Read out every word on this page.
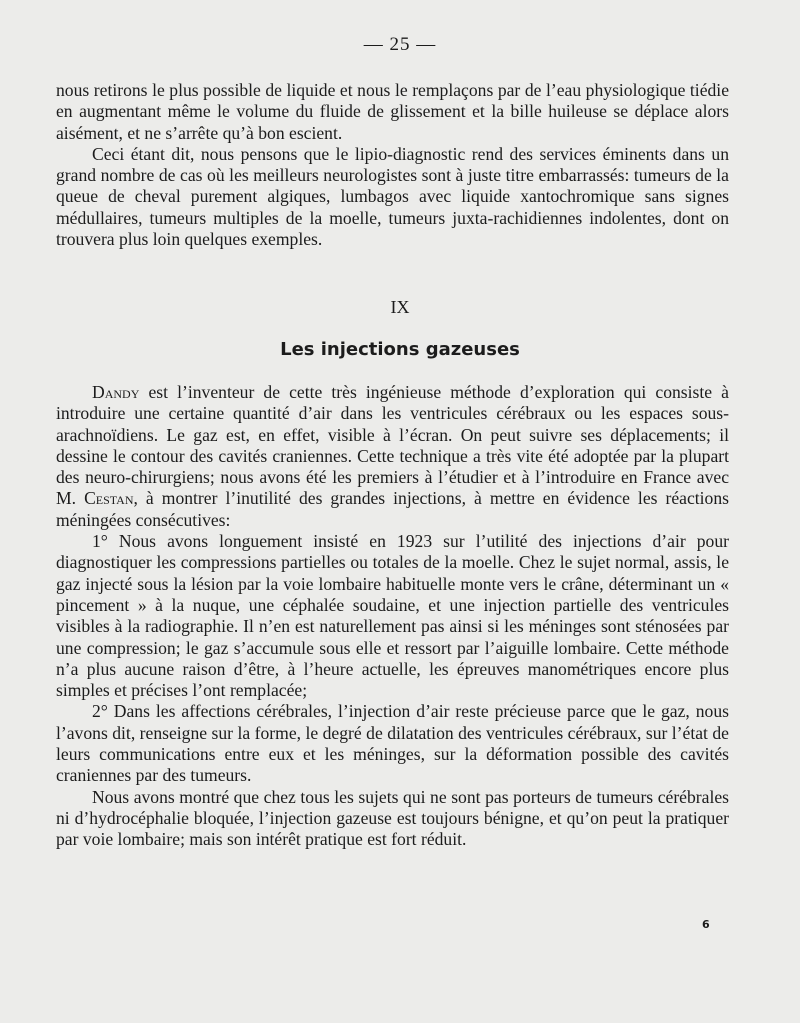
— 25 —

nous retirons le plus possible de liquide et nous le remplaçons par de l’eau physiologique tiédie en augmentant même le volume du fluide de glissement et la bille huileuse se déplace alors aisément, et ne s’arrête qu’à bon escient.

Ceci étant dit, nous pensons que le lipio-diagnostic rend des services éminents dans un grand nombre de cas où les meilleurs neurologistes sont à juste titre embarrassés: tumeurs de la queue de cheval purement algiques, lumbagos avec liquide xantochromique sans signes médullaires, tumeurs multiples de la moelle, tumeurs juxta-rachidiennes indolentes, dont on trouvera plus loin quelques exemples.

IX
Les injections gazeuses

Dandy est l’inventeur de cette très ingénieuse méthode d’exploration qui consiste à introduire une certaine quantité d’air dans les ventricules cérébraux ou les espaces sous-arachnoïdiens. Le gaz est, en effet, visible à l’écran. On peut suivre ses déplacements; il dessine le contour des cavités craniennes. Cette technique a très vite été adoptée par la plupart des neuro-chirurgiens; nous avons été les premiers à l’étudier et à l’introduire en France avec M. Cestan, à montrer l’inutilité des grandes injections, à mettre en évidence les réactions méningées consécutives:

1° Nous avons longuement insisté en 1923 sur l’utilité des injections d’air pour diagnostiquer les compressions partielles ou totales de la moelle. Chez le sujet normal, assis, le gaz injecté sous la lésion par la voie lombaire habituelle monte vers le crâne, déterminant un « pincement » à la nuque, une céphalée soudaine, et une injection partielle des ventricules visibles à la radiographie. Il n’en est naturellement pas ainsi si les méninges sont sténosées par une compression; le gaz s’accumule sous elle et ressort par l’aiguille lombaire. Cette méthode n’a plus aucune raison d’être, à l’heure actuelle, les épreuves manométriques encore plus simples et précises l’ont remplacée;

2° Dans les affections cérébrales, l’injection d’air reste précieuse parce que le gaz, nous l’avons dit, renseigne sur la forme, le degré de dilatation des ventricules cérébraux, sur l’état de leurs communications entre eux et les méninges, sur la déformation possible des cavités craniennes par des tumeurs.

Nous avons montré que chez tous les sujets qui ne sont pas porteurs de tumeurs cérébrales ni d’hydrocéphalie bloquée, l’injection gazeuse est toujours bénigne, et qu’on peut la pratiquer par voie lombaire; mais son intérêt pratique est fort réduit.

6
